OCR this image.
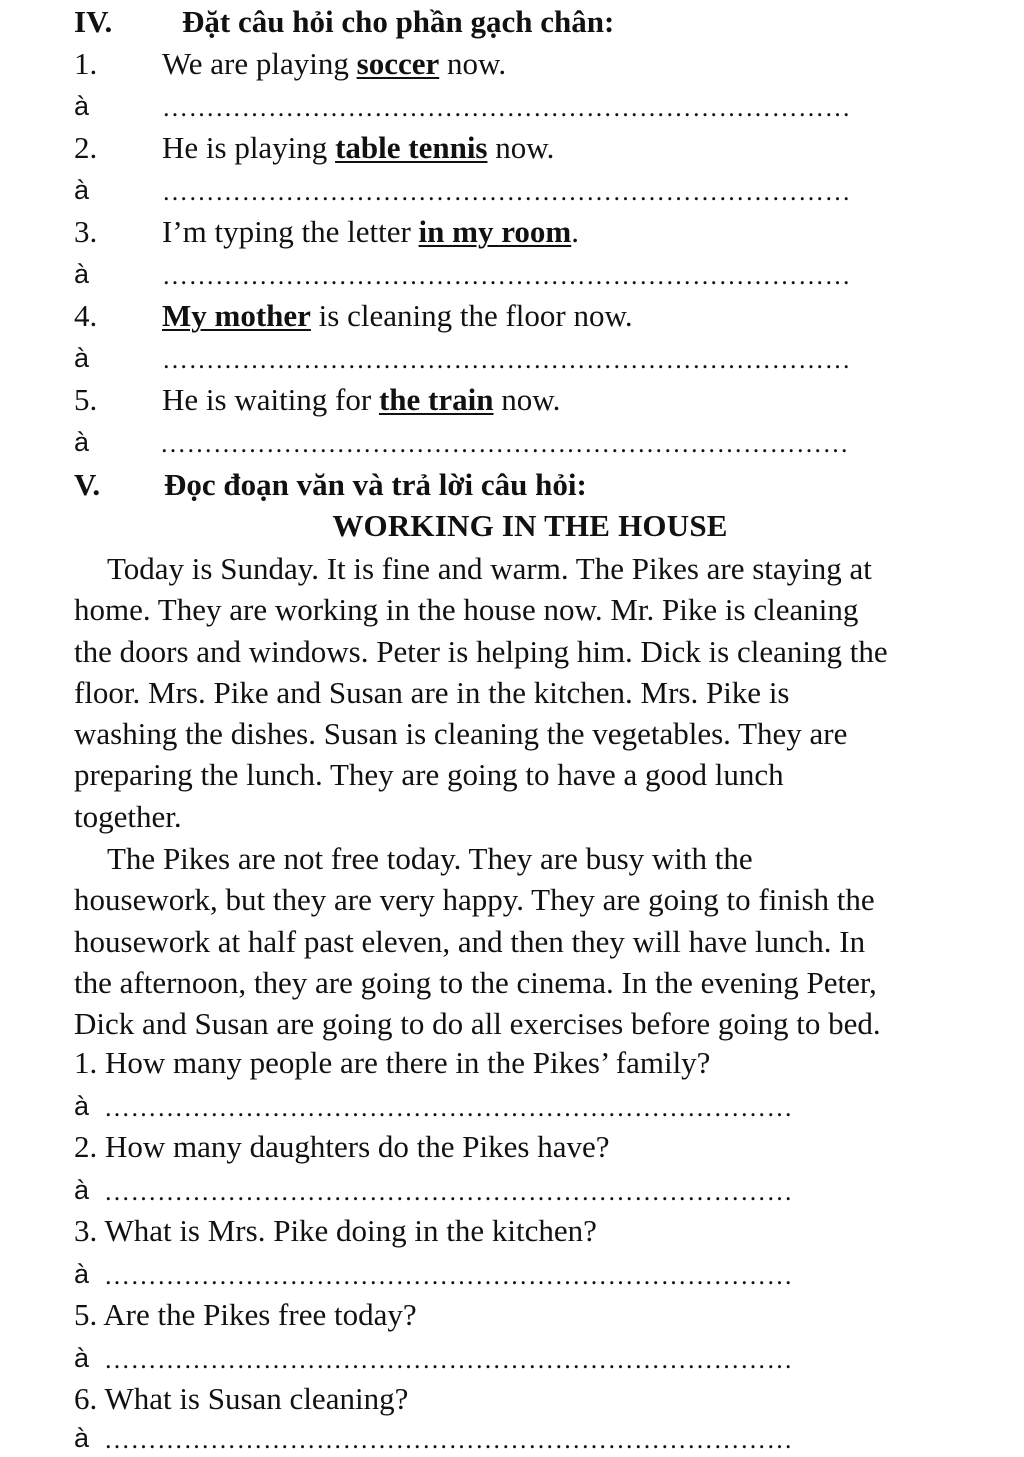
IV. Đặt câu hỏi cho phần gạch chân:
1. We are playing soccer now.
à	……………………………………………………………………
2. He is playing table tennis now.
à	……………………………………………………………………
3. I’m typing the letter in my room.
à	……………………………………………………………………
4. My mother is cleaning the floor now.
à	……………………………………………………………………
5. He is waiting for the train now.
à	……………………………………………………………………
V. Đọc đoạn văn và trả lời câu hỏi:
WORKING IN THE HOUSE

Today is Sunday. It is fine and warm. The Pikes are staying at
home. They are working in the house now. Mr. Pike is cleaning
the doors and windows. Peter is helping him. Dick is cleaning the
floor. Mrs. Pike and Susan are in the kitchen. Mrs. Pike is
washing the dishes. Susan is cleaning the vegetables. They are
preparing the lunch. They are going to have a good lunch
together.

The Pikes are not free today. They are busy with the
housework, but they are very happy. They are going to finish the
housework at half past eleven, and then they will have lunch. In
the afternoon, they are going to the cinema. In the evening Peter,
Dick and Susan are going to do all exercises before going to bed.

1. How many people are there in the Pikes’ family?
à ……………………………………………………………………
2. How many daughters do the Pikes have?
à ……………………………………………………………………
3. What is Mrs. Pike doing in the kitchen?
à ……………………………………………………………………
5. Are the Pikes free today?
à ……………………………………………………………………
6. What is Susan cleaning?
à ……………………………………………………………………
